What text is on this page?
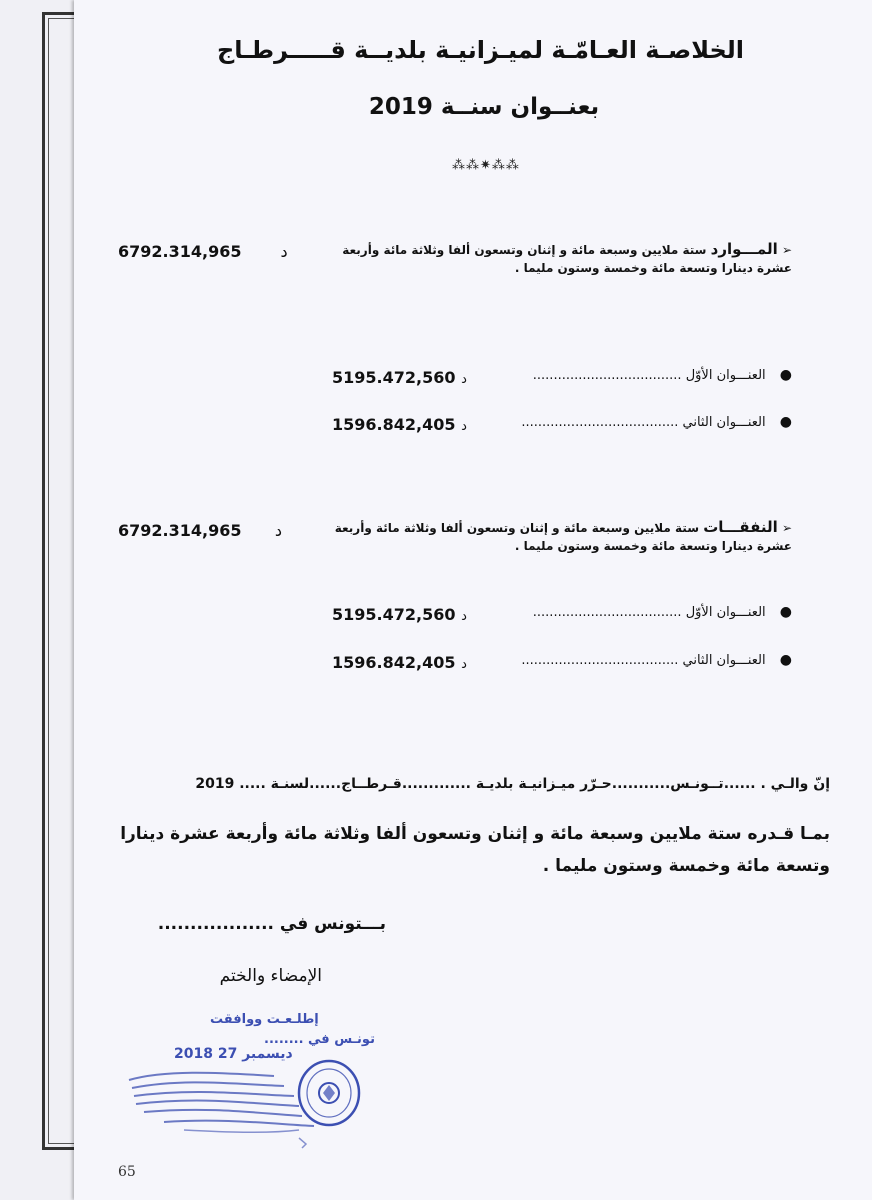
الخلاصـة العـامّـة لميـزانيـة بلديــة قـــــرطـاج
بعنــوان سنــة 2019
⁂⁂✷⁂⁂
➢ المـــوارد ستة ملايين وسبعة مائة و إثنان وتسعون ألفا وثلاثة مائة وأربعة
عشرة دينارا وتسعة مائة وخمسة وستون مليما .
د       6792.314,965
● العنـــوان الأوّل ....................................
د 5195.472,560
● العنـــوان الثاني ......................................
د 1596.842,405
➢ النفقـــات ستة ملايين وسبعة مائة و إثنان وتسعون ألفا وثلاثة مائة وأربعة
عشرة دينارا وتسعة مائة وخمسة وستون مليما .
د      6792.314,965
● العنـــوان الأوّل ....................................
د 5195.472,560
● العنـــوان الثاني ......................................
د 1596.842,405
إنّ والـي . ......تــونـس...........حـرّر ميـزانيـة بلديـة .............قـرطــاج......لسنـة ..... 2019
بمـا قـدره ستة ملايين وسبعة مائة و إثنان وتسعون ألفا وثلاثة مائة وأربعة عشرة دينارا
وتسعة مائة وخمسة وستون مليما .
بـــتونس في ..................
الإمضاء والختم
إطلـعـت ووافقت
تونـس في ........
2018 ديسمبر 27
65
